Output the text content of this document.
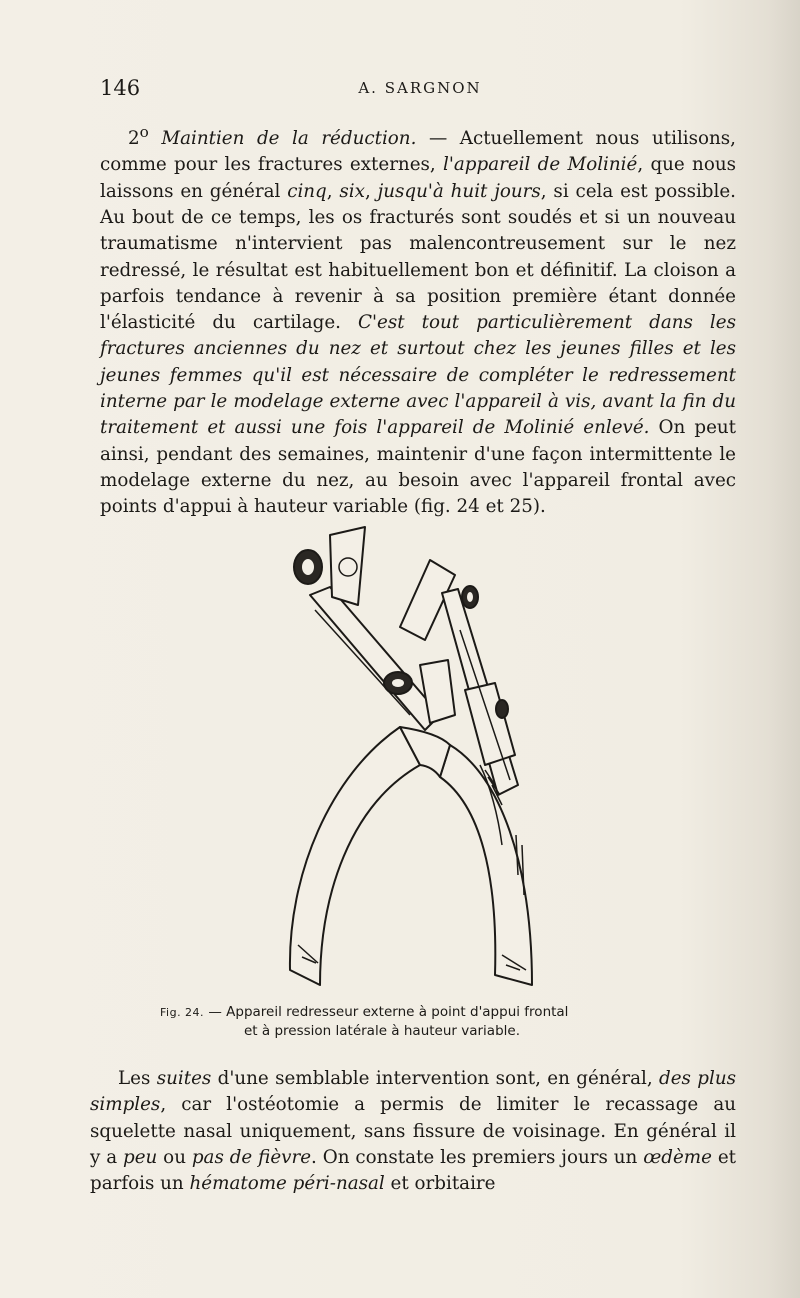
146	A. SARGNON

2$^o$ Maintien de la réduction. — Actuellement nous utilisons, comme pour les fractures externes, l'appareil de Molinié, que nous laissons en général cinq, six, jusqu'à huit jours, si cela est possible. Au bout de ce temps, les os fracturés sont soudés et si un nouveau traumatisme n'intervient pas malencontreusement sur le nez redressé, le résultat est habituellement bon et définitif. La cloison a parfois tendance à revenir à sa position première étant donnée l'élasticité du cartilage. C'est tout particulièrement dans les fractures anciennes du nez et surtout chez les jeunes filles et les jeunes femmes qu'il est nécessaire de compléter le redressement interne par le modelage externe avec l'appareil à vis, avant la fin du traitement et aussi une fois l'appareil de Molinié enlevé. On peut ainsi, pendant des semaines, maintenir d'une façon intermittente le modelage externe du nez, au besoin avec l'appareil frontal avec points d'appui à hauteur variable (fig. 24 et 25).

Fig. 24. — Appareil redresseur externe à point d'appui frontal
et à pression latérale à hauteur variable.

Les suites d'une semblable intervention sont, en général, des plus simples, car l'ostéotomie a permis de limiter le recassage au squelette nasal uniquement, sans fissure de voisinage. En général il y a peu ou pas de fièvre. On constate les premiers jours un œdème et parfois un hématome péri-nasal et orbitaire
